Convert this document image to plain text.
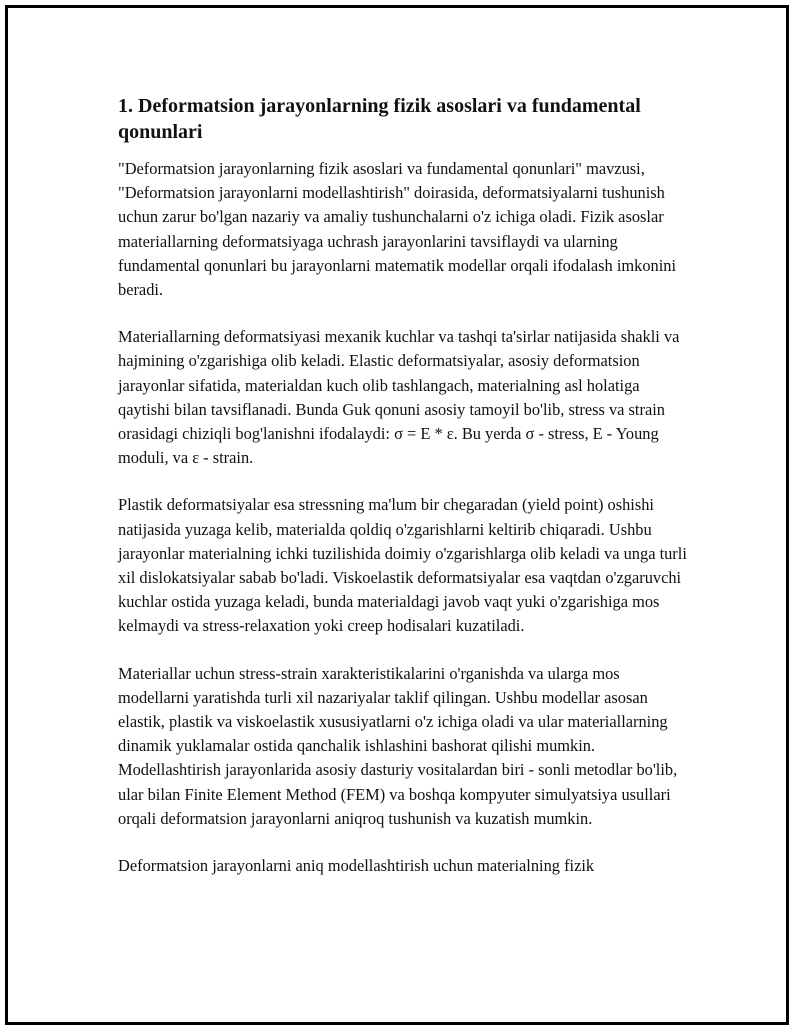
1. Deformatsion jarayonlarning fizik asoslari va fundamental qonunlari

"Deformatsion jarayonlarning fizik asoslari va fundamental qonunlari" mavzusi, "Deformatsion jarayonlarni modellashtirish" doirasida, deformatsiyalarni tushunish uchun zarur bo'lgan nazariy va amaliy tushunchalarni o'z ichiga oladi. Fizik asoslar materiallarning deformatsiyaga uchrash jarayonlarini tavsiflaydi va ularning fundamental qonunlari bu jarayonlarni matematik modellar orqali ifodalash imkonini beradi.

Materiallarning deformatsiyasi mexanik kuchlar va tashqi ta'sirlar natijasida shakli va hajmining o'zgarishiga olib keladi. Elastic deformatsiyalar, asosiy deformatsion jarayonlar sifatida, materialdan kuch olib tashlangach, materialning asl holatiga qaytishi bilan tavsiflanadi. Bunda Guk qonuni asosiy tamoyil bo'lib, stress va strain orasidagi chiziqli bog'lanishni ifodalaydi: σ = E * ε. Bu yerda σ - stress, E - Young moduli, va ε - strain.

Plastik deformatsiyalar esa stressning ma'lum bir chegaradan (yield point) oshishi natijasida yuzaga kelib, materialda qoldiq o'zgarishlarni keltirib chiqaradi. Ushbu jarayonlar materialning ichki tuzilishida doimiy o'zgarishlarga olib keladi va unga turli xil dislokatsiyalar sabab bo'ladi. Viskoelastik deformatsiyalar esa vaqtdan o'zgaruvchi kuchlar ostida yuzaga keladi, bunda materialdagi javob vaqt yuki o'zgarishiga mos kelmaydi va stress-relaxation yoki creep hodisalari kuzatiladi.

Materiallar uchun stress-strain xarakteristikalarini o'rganishda va ularga mos modellarni yaratishda turli xil nazariyalar taklif qilingan. Ushbu modellar asosan elastik, plastik va viskoelastik xususiyatlarni o'z ichiga oladi va ular materiallarning dinamik yuklamalar ostida qanchalik ishlashini bashorat qilishi mumkin. Modellashtirish jarayonlarida asosiy dasturiy vositalardan biri - sonli metodlar bo'lib, ular bilan Finite Element Method (FEM) va boshqa kompyuter simulyatsiya usullari orqali deformatsion jarayonlarni aniqroq tushunish va kuzatish mumkin.

Deformatsion jarayonlarni aniq modellashtirish uchun materialning fizik
